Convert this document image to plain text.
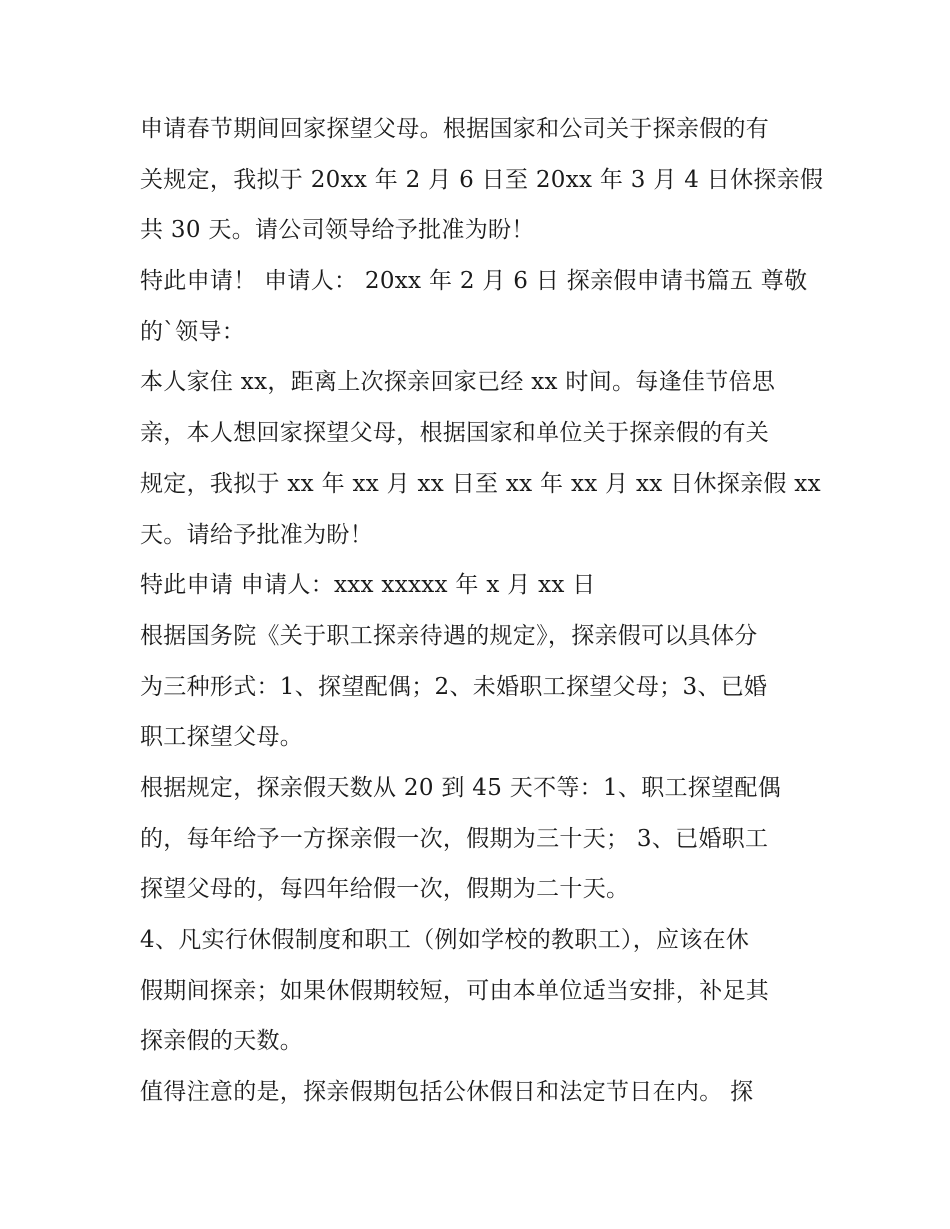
申请春节期间回家探望父母。根据国家和公司关于探亲假的有
关规定，我拟于 20xx 年 2 月 6 日至 20xx 年 3 月 4 日休探亲假
共 30 天。请公司领导给予批准为盼！
特此申请！ 申请人： 20xx 年 2 月 6 日 探亲假申请书篇五 尊敬
的`领导：
本人家住 xx，距离上次探亲回家已经 xx 时间。每逢佳节倍思
亲，本人想回家探望父母，根据国家和单位关于探亲假的有关
规定，我拟于 xx 年 xx 月 xx 日至 xx 年 xx 月 xx 日休探亲假 xx
天。请给予批准为盼！
特此申请 申请人：xxx xxxxx 年 x 月 xx 日
根据国务院《关于职工探亲待遇的规定》，探亲假可以具体分
为三种形式：1、探望配偶；2、未婚职工探望父母；3、已婚
职工探望父母。
根据规定，探亲假天数从 20 到 45 天不等：1、职工探望配偶
的，每年给予一方探亲假一次，假期为三十天； 3、已婚职工
探望父母的，每四年给假一次，假期为二十天。
4、凡实行休假制度和职工（例如学校的教职工），应该在休
假期间探亲；如果休假期较短，可由本单位适当安排，补足其
探亲假的天数。
值得注意的是，探亲假期包括公休假日和法定节日在内。 探
